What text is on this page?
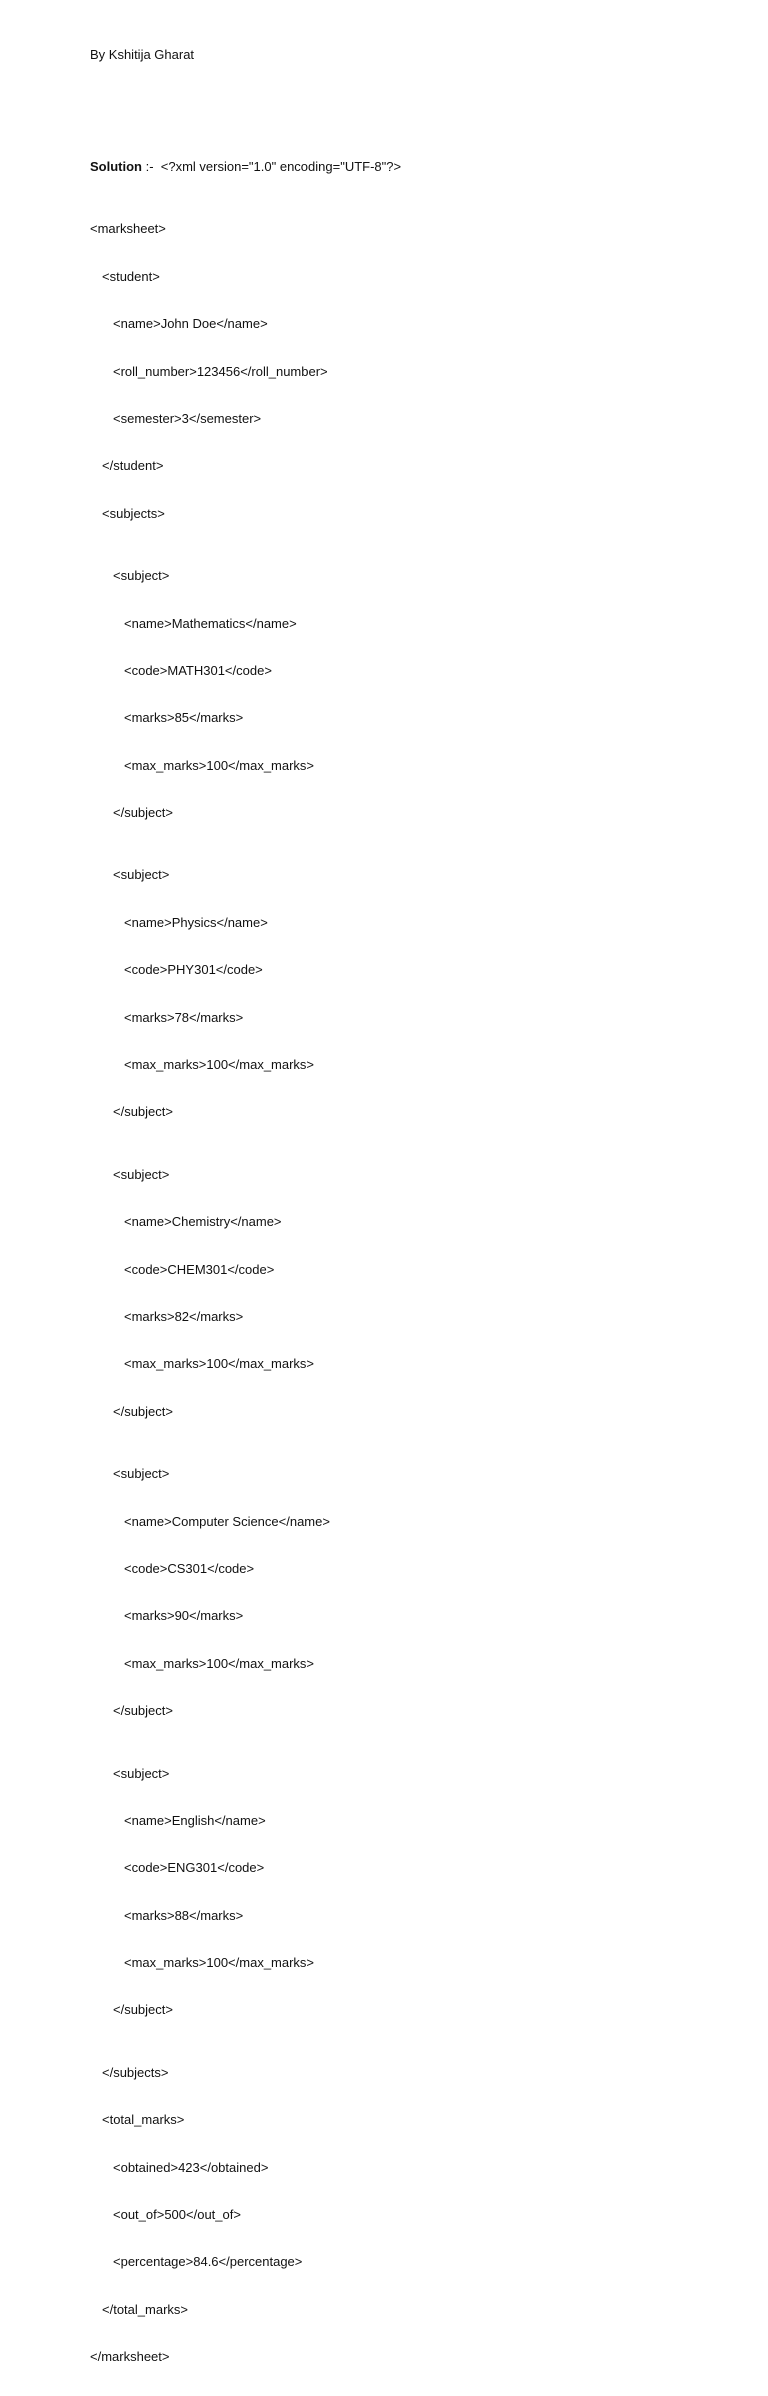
By Kshitija Gharat

Solution :-  <?xml version="1.0" encoding="UTF-8"?>

<marksheet>

<student>

<name>John Doe</name>

<roll_number>123456</roll_number>

<semester>3</semester>

</student>

<subjects>

<subject>

<name>Mathematics</name>

<code>MATH301</code>

<marks>85</marks>

<max_marks>100</max_marks>

</subject>

<subject>

<name>Physics</name>

<code>PHY301</code>

<marks>78</marks>

<max_marks>100</max_marks>

</subject>

<subject>

<name>Chemistry</name>

<code>CHEM301</code>

<marks>82</marks>

<max_marks>100</max_marks>

</subject>

<subject>

<name>Computer Science</name>

<code>CS301</code>

<marks>90</marks>

<max_marks>100</max_marks>

</subject>

<subject>

<name>English</name>

<code>ENG301</code>

<marks>88</marks>

<max_marks>100</max_marks>

</subject>

</subjects>

<total_marks>

<obtained>423</obtained>

<out_of>500</out_of>

<percentage>84.6</percentage>

</total_marks>

</marksheet>
